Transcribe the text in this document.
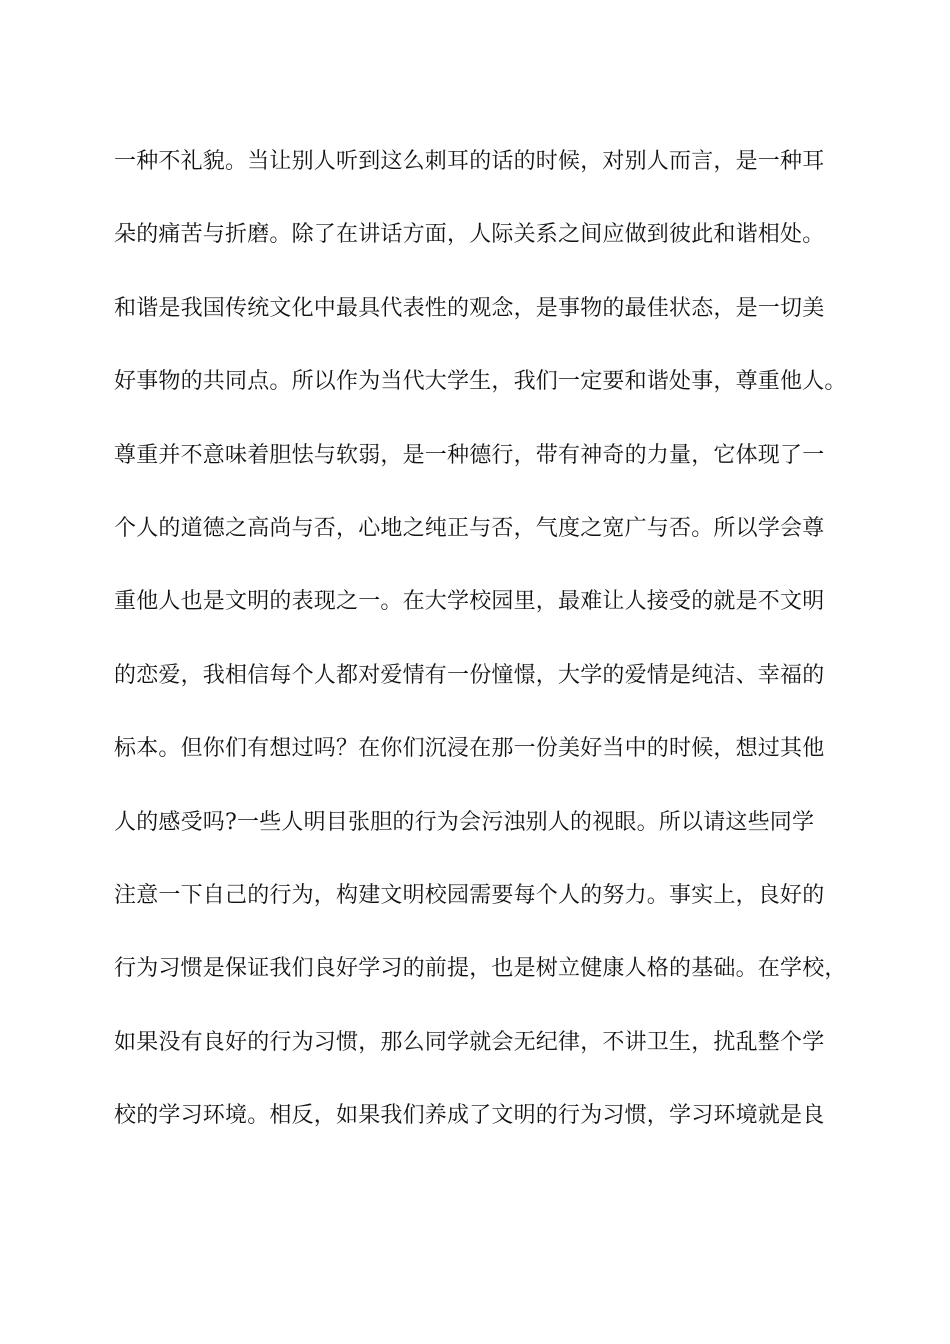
一种不礼貌。当让别人听到这么刺耳的话的时候，对别人而言，是一种耳
朵的痛苦与折磨。除了在讲话方面，人际关系之间应做到彼此和谐相处。
和谐是我国传统文化中最具代表性的观念，是事物的最佳状态，是一切美
好事物的共同点。所以作为当代大学生，我们一定要和谐处事，尊重他人。
尊重并不意味着胆怯与软弱，是一种德行，带有神奇的力量，它体现了一
个人的道德之高尚与否，心地之纯正与否，气度之宽广与否。所以学会尊
重他人也是文明的表现之一。在大学校园里，最难让人接受的就是不文明
的恋爱，我相信每个人都对爱情有一份憧憬，大学的爱情是纯洁、幸福的
标本。但你们有想过吗？在你们沉浸在那一份美好当中的时候，想过其他
人的感受吗?一些人明目张胆的行为会污浊别人的视眼。所以请这些同学
注意一下自己的行为，构建文明校园需要每个人的努力。事实上，良好的
行为习惯是保证我们良好学习的前提，也是树立健康人格的基础。在学校，
如果没有良好的行为习惯，那么同学就会无纪律，不讲卫生，扰乱整个学
校的学习环境。相反，如果我们养成了文明的行为习惯，学习环境就是良
